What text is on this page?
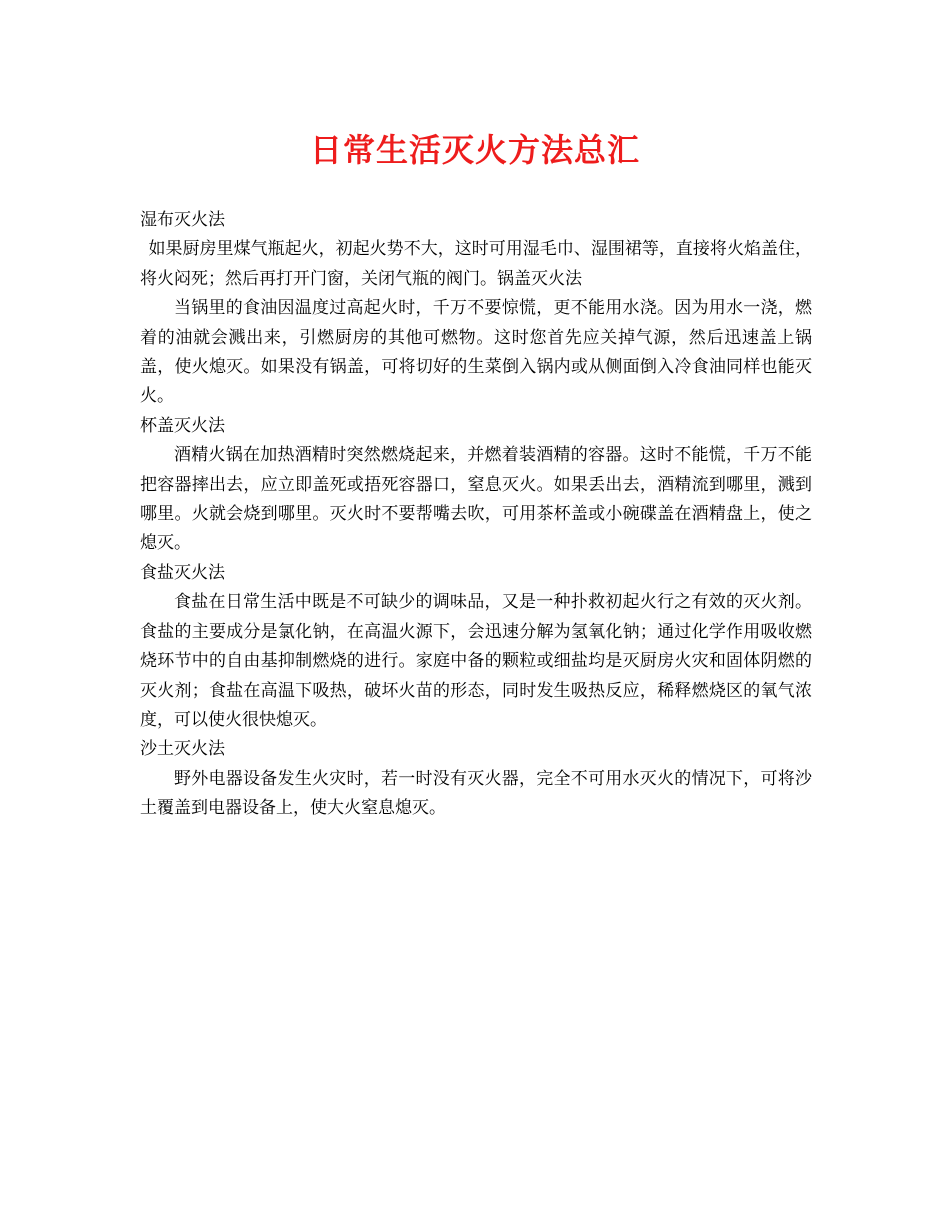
日常生活灭火方法总汇

湿布灭火法

如果厨房里煤气瓶起火，初起火势不大，这时可用湿毛巾、湿围裙等，直接将火焰盖住，将火闷死；然后再打开门窗，关闭气瓶的阀门。锅盖灭火法

当锅里的食油因温度过高起火时，千万不要惊慌，更不能用水浇。因为用水一浇，燃着的油就会溅出来，引燃厨房的其他可燃物。这时您首先应关掉气源，然后迅速盖上锅盖，使火熄灭。如果没有锅盖，可将切好的生菜倒入锅内或从侧面倒入冷食油同样也能灭火。

杯盖灭火法

酒精火锅在加热酒精时突然燃烧起来，并燃着装酒精的容器。这时不能慌，千万不能把容器摔出去，应立即盖死或捂死容器口，窒息灭火。如果丢出去，酒精流到哪里，溅到哪里。火就会烧到哪里。灭火时不要帮嘴去吹，可用茶杯盖或小碗碟盖在酒精盘上，使之熄灭。

食盐灭火法

食盐在日常生活中既是不可缺少的调味品，又是一种扑救初起火行之有效的灭火剂。食盐的主要成分是氯化钠，在高温火源下，会迅速分解为氢氧化钠；通过化学作用吸收燃烧环节中的自由基抑制燃烧的进行。家庭中备的颗粒或细盐均是灭厨房火灾和固体阴燃的灭火剂；食盐在高温下吸热，破坏火苗的形态，同时发生吸热反应，稀释燃烧区的氧气浓度，可以使火很快熄灭。

沙土灭火法

野外电器设备发生火灾时，若一时没有灭火器，完全不可用水灭火的情况下，可将沙土覆盖到电器设备上，使大火窒息熄灭。
